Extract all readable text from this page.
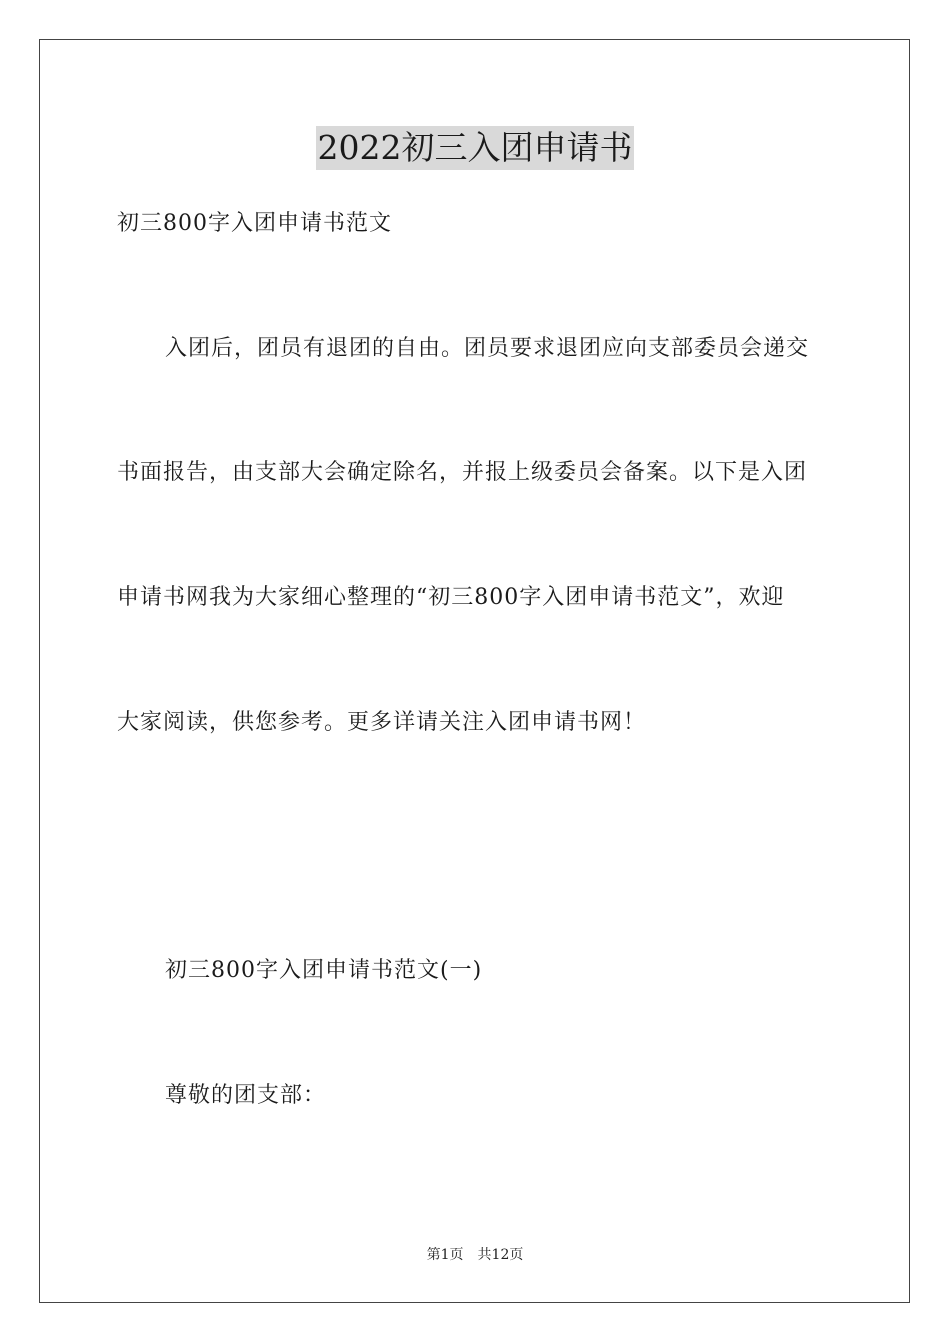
2022初三入团申请书
初三800字入团申请书范文
入团后，团员有退团的自由。团员要求退团应向支部委员会递交
书面报告，由支部大会确定除名，并报上级委员会备案。以下是入团
申请书网我为大家细心整理的“初三800字入团申请书范文”，欢迎
大家阅读，供您参考。更多详请关注入团申请书网！
初三800字入团申请书范文(一)
尊敬的团支部：
第1页 共12页
